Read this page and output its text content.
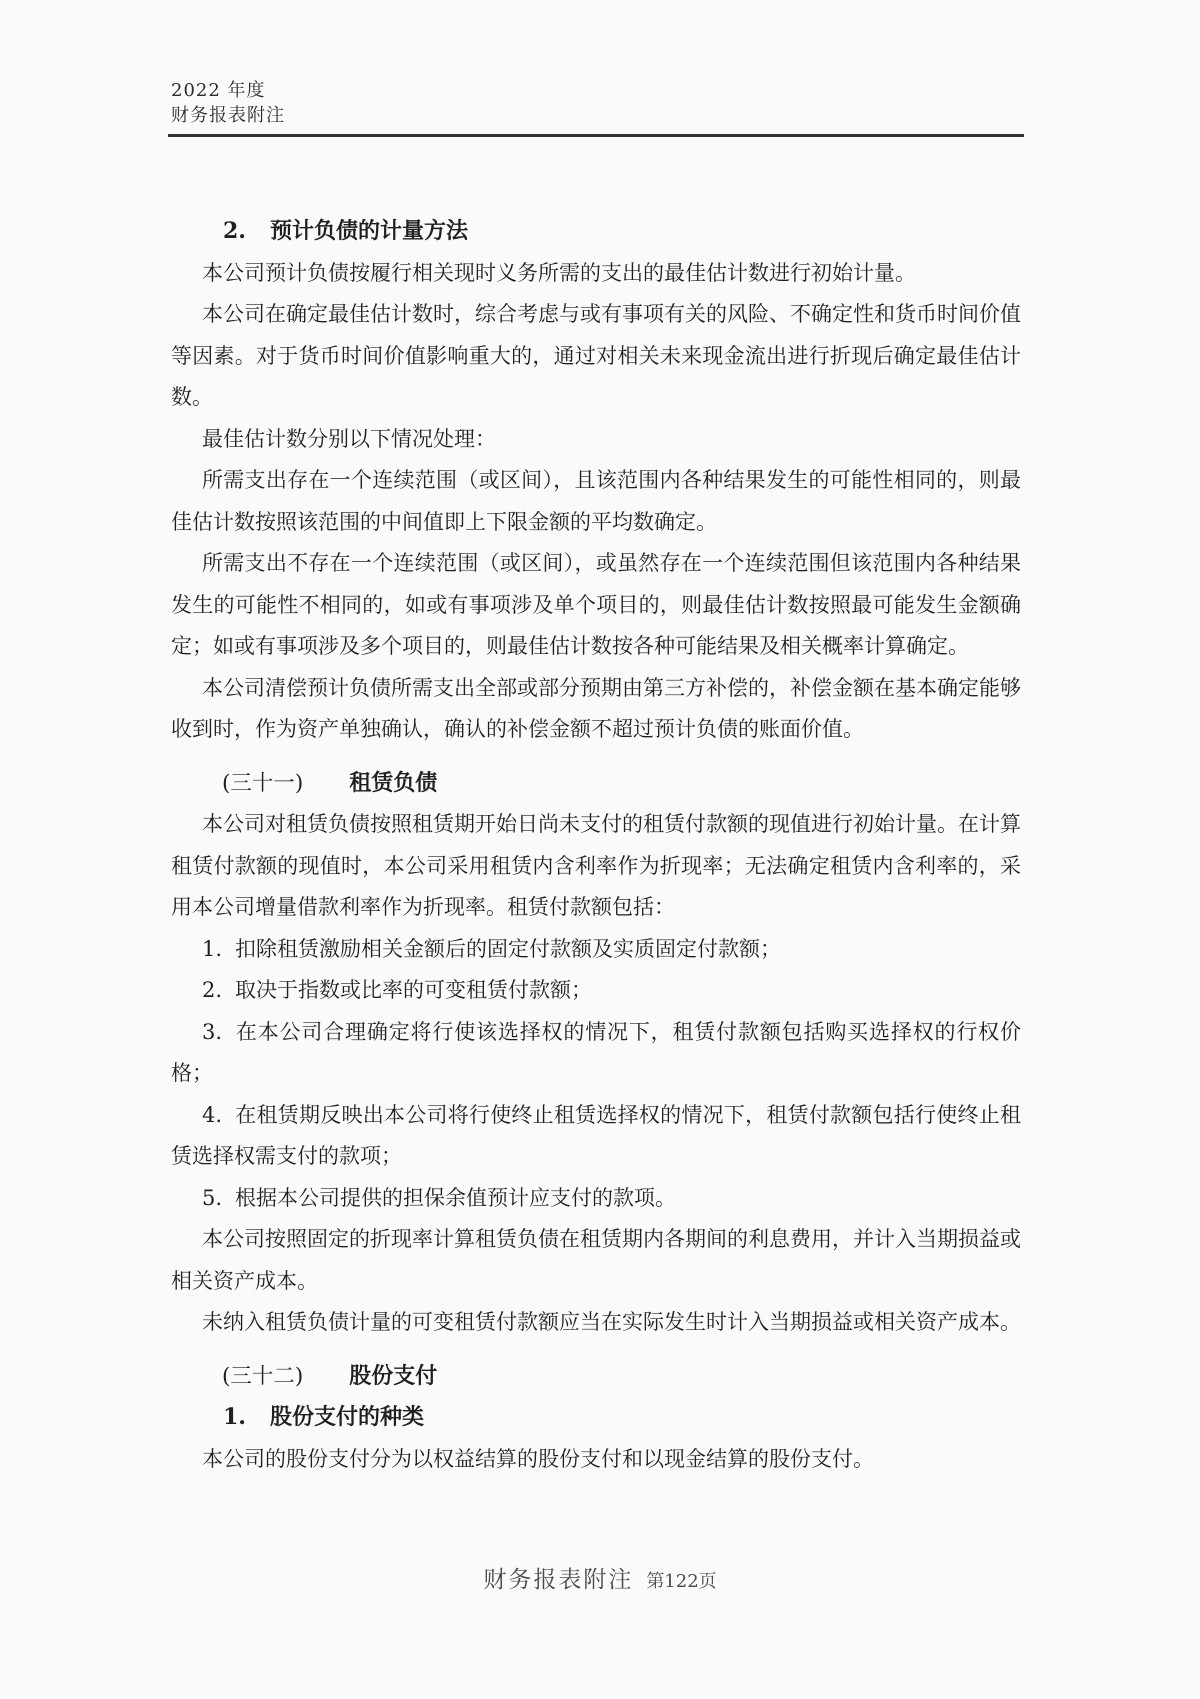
2022 年度
财务报表附注
2. 预计负债的计量方法

本公司预计负债按履行相关现时义务所需的支出的最佳估计数进行初始计量。

本公司在确定最佳估计数时，综合考虑与或有事项有关的风险、不确定性和货币时间价值等因素。对于货币时间价值影响重大的，通过对相关未来现金流出进行折现后确定最佳估计数。

最佳估计数分别以下情况处理：

所需支出存在一个连续范围（或区间），且该范围内各种结果发生的可能性相同的，则最佳估计数按照该范围的中间值即上下限金额的平均数确定。

所需支出不存在一个连续范围（或区间），或虽然存在一个连续范围但该范围内各种结果发生的可能性不相同的，如或有事项涉及单个项目的，则最佳估计数按照最可能发生金额确定；如或有事项涉及多个项目的，则最佳估计数按各种可能结果及相关概率计算确定。

本公司清偿预计负债所需支出全部或部分预期由第三方补偿的，补偿金额在基本确定能够收到时，作为资产单独确认，确认的补偿金额不超过预计负债的账面价值。

(三十一) 租赁负债

本公司对租赁负债按照租赁期开始日尚未支付的租赁付款额的现值进行初始计量。在计算租赁付款额的现值时，本公司采用租赁内含利率作为折现率；无法确定租赁内含利率的，采用本公司增量借款利率作为折现率。租赁付款额包括：

1. 扣除租赁激励相关金额后的固定付款额及实质固定付款额；

2. 取决于指数或比率的可变租赁付款额；

3. 在本公司合理确定将行使该选择权的情况下，租赁付款额包括购买选择权的行权价格；

4. 在租赁期反映出本公司将行使终止租赁选择权的情况下，租赁付款额包括行使终止租赁选择权需支付的款项；

5. 根据本公司提供的担保余值预计应支付的款项。

本公司按照固定的折现率计算租赁负债在租赁期内各期间的利息费用，并计入当期损益或相关资产成本。

未纳入租赁负债计量的可变租赁付款额应当在实际发生时计入当期损益或相关资产成本。

(三十二) 股份支付
1. 股份支付的种类

本公司的股份支付分为以权益结算的股份支付和以现金结算的股份支付。

财务报表附注 第122页
